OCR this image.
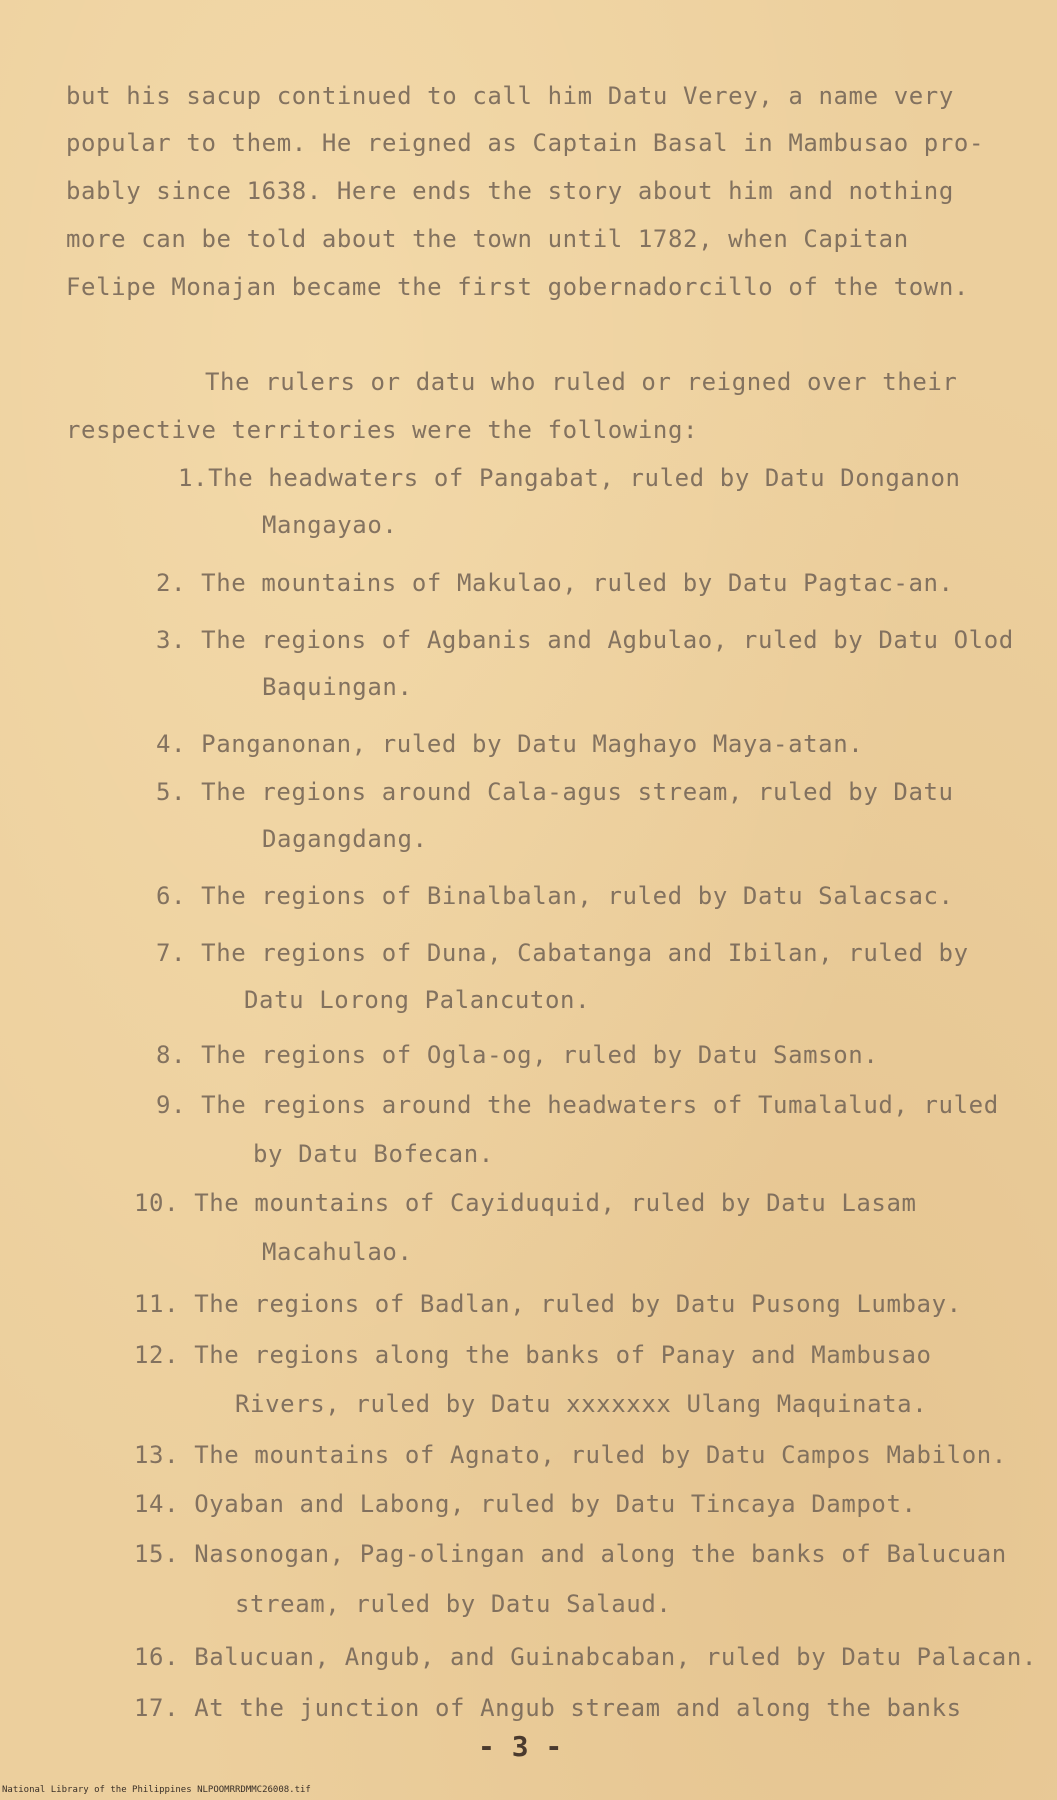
but his sacup continued to call him Datu Verey, a name very
popular to them. He reigned as Captain Basal in Mambusao pro-
bably since 1638. Here ends the story about him and nothing
more can be told about the town until 1782, when Capitan
Felipe Monajan became the first gobernadorcillo of the town.
The rulers or datu who ruled or reigned over their
respective territories were the following:
1.The headwaters of Pangabat, ruled by Datu Donganon
Mangayao.
2. The mountains of Makulao, ruled by Datu Pagtac-an.
3. The regions of Agbanis and Agbulao, ruled by Datu Olod
Baquingan.
4. Panganonan, ruled by Datu Maghayo Maya-atan.
5. The regions around Cala-agus stream, ruled by Datu
Dagangdang.
6. The regions of Binalbalan, ruled by Datu Salacsac.
7. The regions of Duna, Cabatanga and Ibilan, ruled by
Datu Lorong Palancuton.
8. The regions of Ogla-og, ruled by Datu Samson.
9. The regions around the headwaters of Tumalalud, ruled
by Datu Bofecan.
10. The mountains of Cayiduquid, ruled by Datu Lasam
Macahulao.
11. The regions of Badlan, ruled by Datu Pusong Lumbay.
12. The regions along the banks of Panay and Mambusao
Rivers, ruled by Datu xxxxxxx Ulang Maquinata.
13. The mountains of Agnato, ruled by Datu Campos Mabilon.
14. Oyaban and Labong, ruled by Datu Tincaya Dampot.
15. Nasonogan, Pag-olingan and along the banks of Balucuan
stream, ruled by Datu Salaud.
16. Balucuan, Angub, and Guinabcaban, ruled by Datu Palacan.
17. At the junction of Angub stream and along the banks
- 3 -
National Library of the Philippines NLPOOMRRDMMC26008.tif
